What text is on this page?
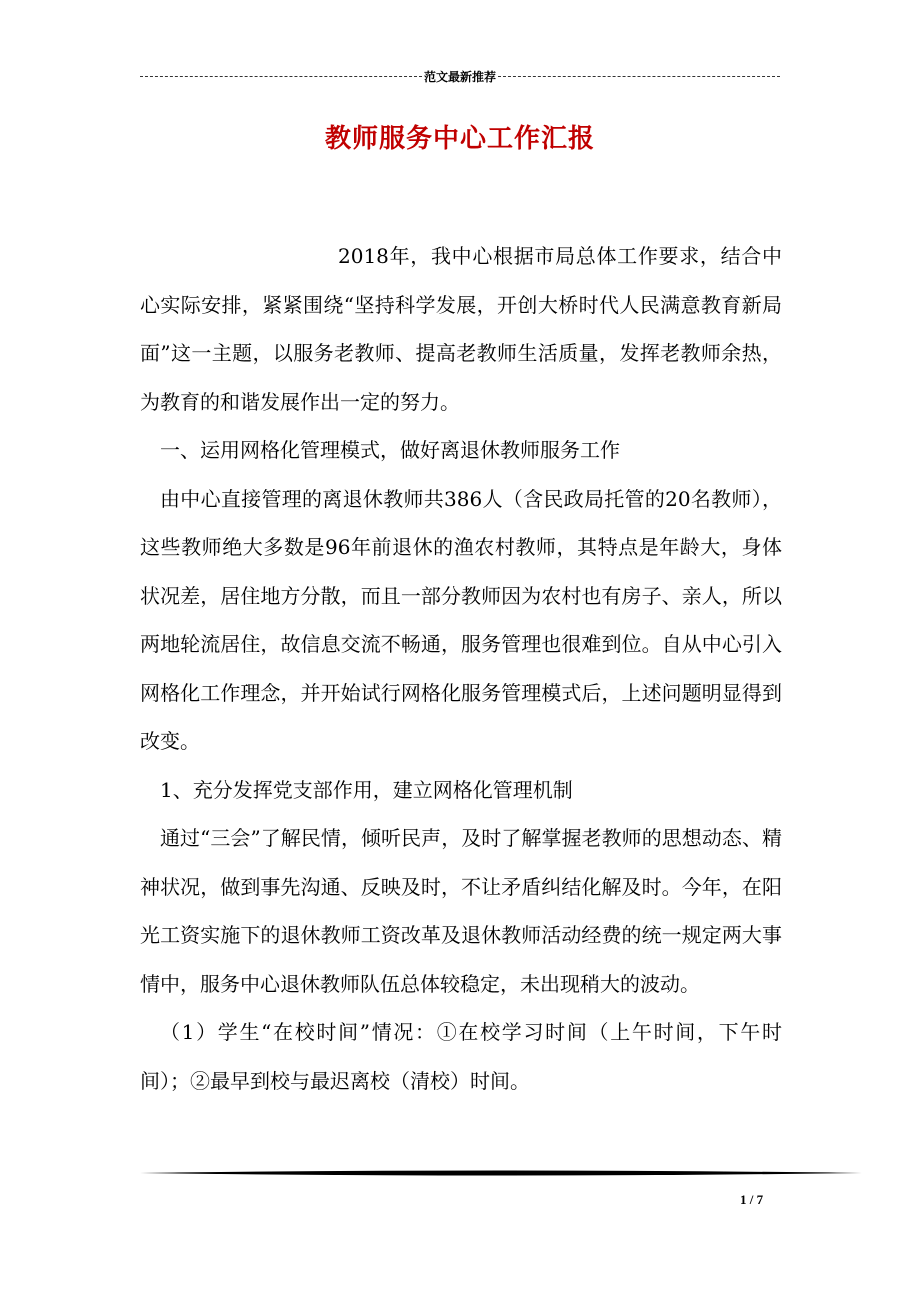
范文最新推荐
教师服务中心工作汇报

2018年，我中心根据市局总体工作要求，结合中心实际安排，紧紧围绕“坚持科学发展，开创大桥时代人民满意教育新局面”这一主题，以服务老教师、提高老教师生活质量，发挥老教师余热，为教育的和谐发展作出一定的努力。

一、运用网格化管理模式，做好离退休教师服务工作

由中心直接管理的离退休教师共386人（含民政局托管的20名教师），这些教师绝大多数是96年前退休的渔农村教师，其特点是年龄大，身体状况差，居住地方分散，而且一部分教师因为农村也有房子、亲人，所以两地轮流居住，故信息交流不畅通，服务管理也很难到位。自从中心引入网格化工作理念，并开始试行网格化服务管理模式后，上述问题明显得到改变。

1、充分发挥党支部作用，建立网格化管理机制

通过“三会”了解民情，倾听民声，及时了解掌握老教师的思想动态、精神状况，做到事先沟通、反映及时，不让矛盾纠结化解及时。今年，在阳光工资实施下的退休教师工资改革及退休教师活动经费的统一规定两大事情中，服务中心退休教师队伍总体较稳定，未出现稍大的波动。

（1）学生“在校时间”情况：①在校学习时间（上午时间，下午时间）；②最早到校与最迟离校（清校）时间。

1 / 7
